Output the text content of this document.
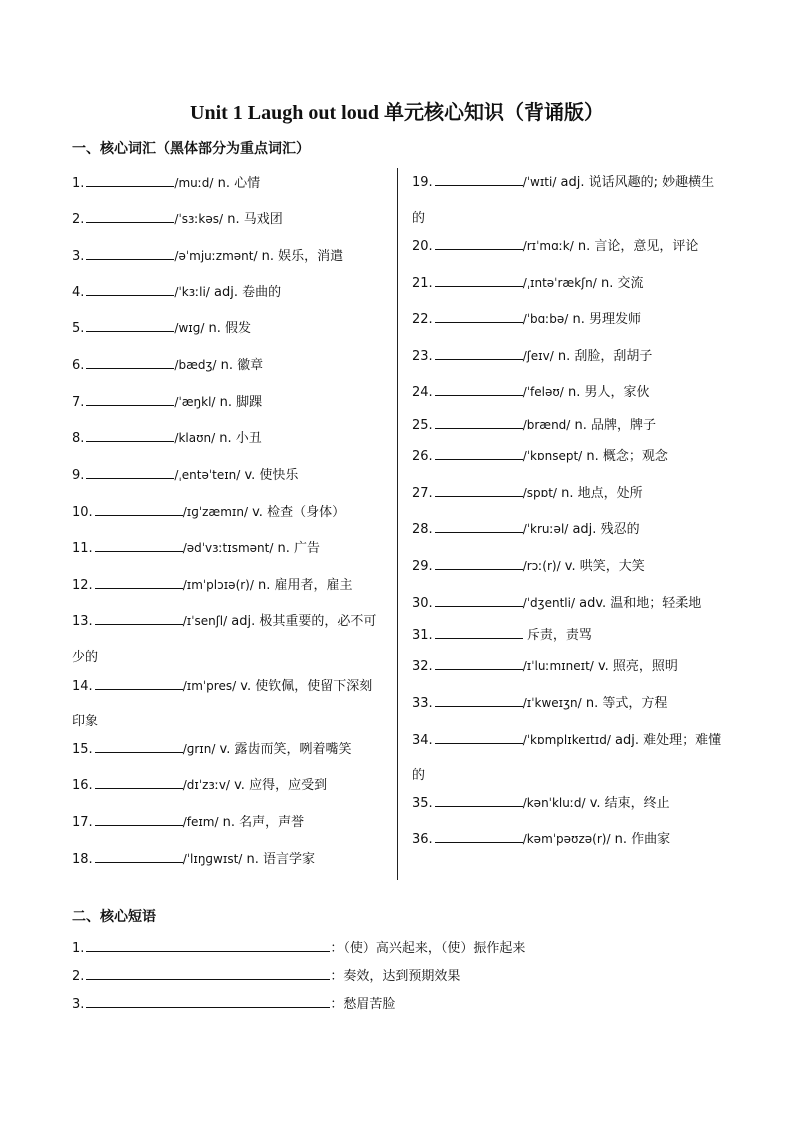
Unit 1 Laugh out loud 单元核心知识（背诵版）
一、核心词汇（黑体部分为重点词汇）
1.	/muːd/ n. 心情
2.	/ˈsɜːkəs/ n. 马戏团
3.	/əˈmjuːzmənt/ n. 娱乐，消遣
4.	/ˈkɜːli/ adj. 卷曲的
5.	/wɪɡ/ n. 假发
6.	/bædʒ/ n. 徽章
7.	/ˈæŋkl/ n. 脚踝
8.	/klaʊn/ n. 小丑
9.	/ˌentəˈteɪn/ v. 使快乐
10.	/ɪɡˈzæmɪn/ v. 检查（身体）
11.	/ədˈvɜːtɪsmənt/ n. 广告
12.	/ɪmˈplɔɪə(r)/ n. 雇用者，雇主
13.	/ɪˈsenʃl/ adj. 极其重要的，必不可
少的
14.	/ɪmˈpres/ v. 使钦佩，使留下深刻
印象
15.	/ɡrɪn/ v. 露齿而笑，咧着嘴笑
16.	/dɪˈzɜːv/ v. 应得，应受到
17.	/feɪm/ n. 名声，声誉
18.	/ˈlɪŋɡwɪst/ n. 语言学家
19.	/ˈwɪti/ adj. 说话风趣的; 妙趣横生
的
20.	/rɪˈmɑːk/ n. 言论，意见，评论
21.	/ˌɪntəˈrækʃn/ n. 交流
22.	/ˈbɑːbə/ n. 男理发师
23.	/ʃeɪv/ n. 刮脸，刮胡子
24.	/ˈfeləʊ/ n. 男人，家伙
25.	/brænd/ n. 品牌，牌子
26.	/ˈkɒnsept/ n. 概念；观念
27.	/spɒt/ n. 地点，处所
28.	/ˈkruːəl/ adj. 残忍的
29.	/rɔː(r)/ v. 哄笑，大笑
30.	/ˈdʒentli/ adv. 温和地；轻柔地
31.	斥责，责骂
32.	/ɪˈluːmɪneɪt/ v. 照亮，照明
33.	/ɪˈkweɪʒn/ n. 等式，方程
34.	/ˈkɒmplɪkeɪtɪd/ adj. 难处理；难懂
的
35.	/kənˈkluːd/ v. 结束，终止
36.	/kəmˈpəʊzə(r)/ n. 作曲家
二、核心短语
1.	：（使）高兴起来，（使）振作起来
2.	：奏效，达到预期效果
3.	：愁眉苦脸
